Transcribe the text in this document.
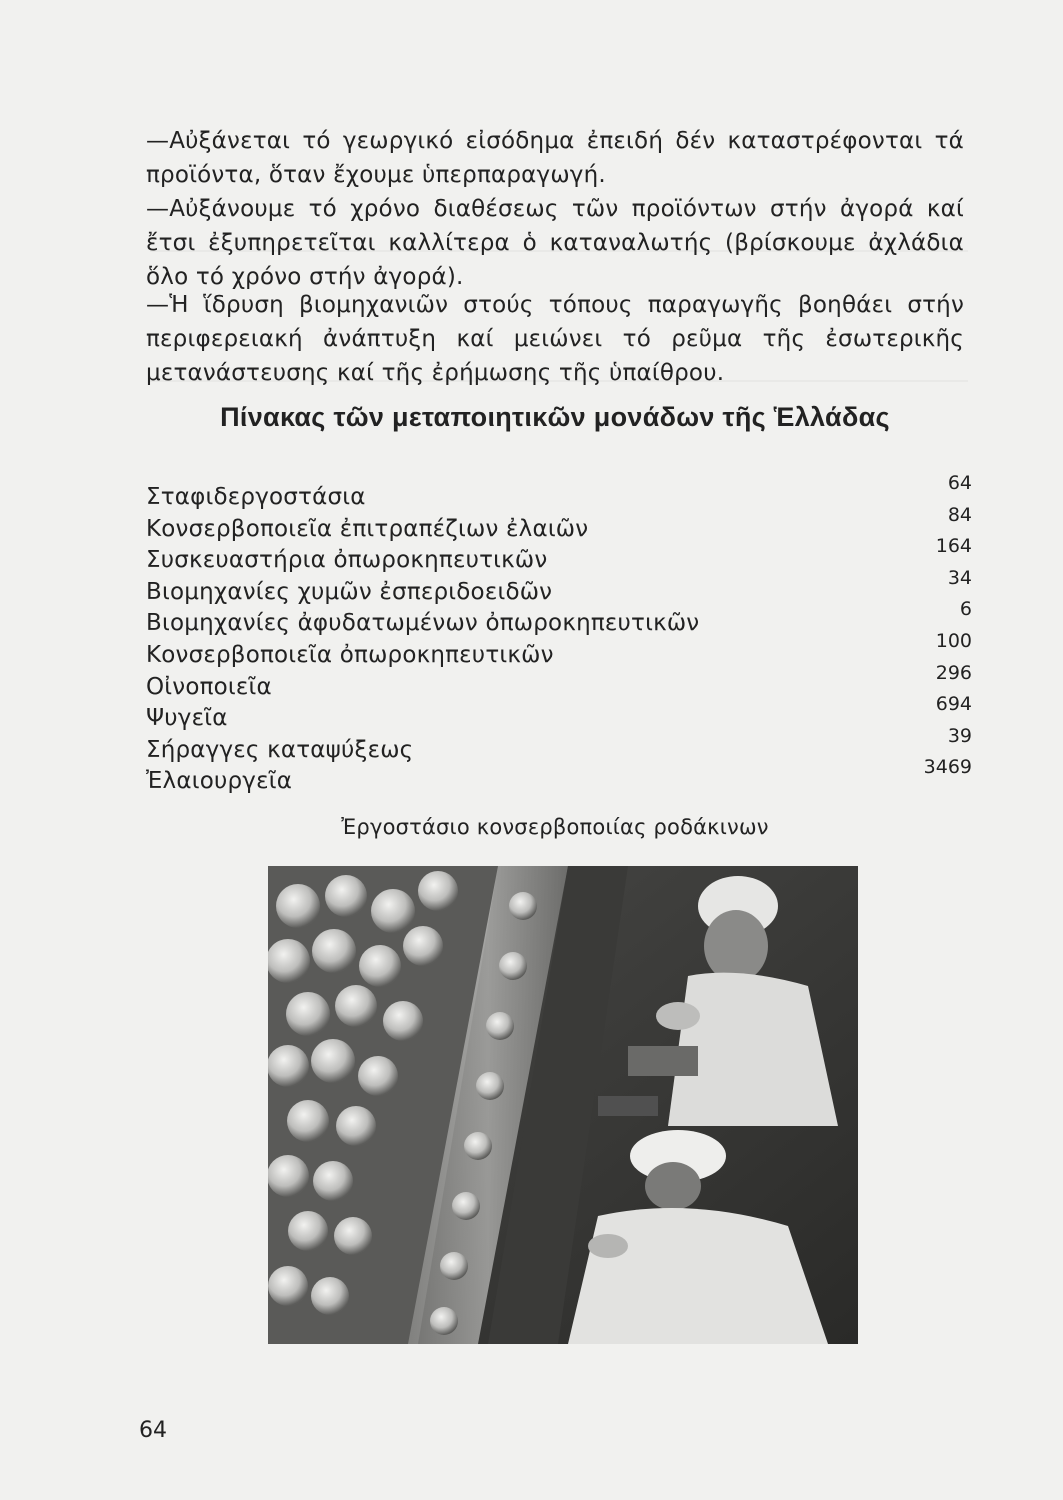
—Αὐξάνεται τό γεωργικό εἰσόδημα ἐπειδή δέν καταστρέφονται τά προϊόντα, ὅταν ἔχουμε ὑπερπαραγωγή.
—Αὐξάνουμε τό χρόνο διαθέσεως τῶν προϊόντων στήν ἀγορά καί ἔτσι ἐξυπηρετεῖται καλλίτερα ὁ καταναλωτής (βρίσκουμε ἀχλάδια ὅλο τό χρόνο στήν ἀγορά).
—Ἡ ἵδρυση βιομηχανιῶν στούς τόπους παραγωγῆς βοηθάει στήν περιφερειακή ἀνάπτυξη καί μειώνει τό ρεῦμα τῆς ἐσωτερικῆς μετανάστευσης καί τῆς ἐρήμωσης τῆς ὑπαίθρου.
Πίνακας τῶν μεταποιητικῶν μονάδων τῆς Ἑλλάδας
Σταφιδεργοστάσια
64
Κονσερβοποιεῖα ἐπιτραπέζιων ἐλαιῶν
84
Συσκευαστήρια ὀπωροκηπευτικῶν
164
Βιομηχανίες χυμῶν ἐσπεριδοειδῶν
34
Βιομηχανίες ἀφυδατωμένων ὀπωροκηπευτικῶν
6
Κονσερβοποιεῖα ὀπωροκηπευτικῶν
100
Οἰνοποιεῖα
296
Ψυγεῖα
694
Σήραγγες καταψύξεως
39
Ἐλαιουργεῖα
3469
Ἐργοστάσιο κονσερβοποιίας ροδάκινων
64
